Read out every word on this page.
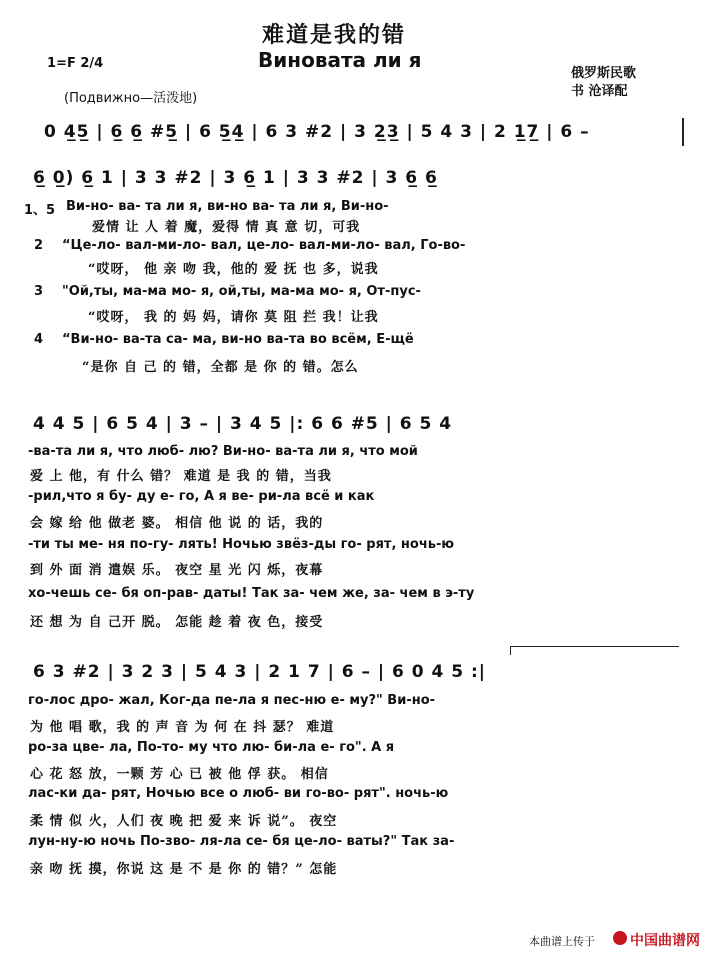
难道是我的错
Виновата ли я
1=F 2/4
(Подвижно—活泼地)
俄罗斯民歌
书 沧译配
0 4̲5̲ | 6̲ 6̲ #5̲ | 6 5̲4̲ | 6 3 #2 | 3 2̲3̲ | 5 4 3 | 2 1̲7̲ | 6 –
6̲ 0̲) 6̲ 1 | 3 3 #2 | 3 6̲ 1 | 3 3 #2 | 3 6̲ 6̲
1、5
2
3
4
Ви-но- ва- та ли я, ви-но ва- та ли я, Ви-но-
爱情 让 人 着 魔，爱得 情 真 意 切，可我
“Це-ло- вал-ми-ло- вал, це-ло- вал-ми-ло- вал, Го-во-
“哎呀， 他 亲 吻 我，他的 爱 抚 也 多，说我
"Ой,ты, ма-ма мо- я, ой,ты, ма-ма мо- я, От-пус-
“哎呀， 我 的 妈 妈，请你 莫 阻 拦 我！让我
“Ви-но- ва-та са- ма, ви-но ва-та во всём, Е-щё
“是你 自 己 的 错，全都 是 你 的 错。怎么
4 4 5 | 6 5 4 | 3 – | 3 4 5 |: 6 6 #5 | 6 5 4
-ва-та ли я, что люб- лю? Ви-но- ва-та ли я, что мой
爱 上 他，有 什么 错？ 难道 是 我 的 错，当我
-рил,что я бу- ду е- го, А я ве- ри-ла всё и как
会 嫁 给 他 做老 婆。 相信 他 说 的 话，我的
-ти ты ме- ня по-гу- лять! Ночью звёз-ды го- рят, ночь-ю
到 外 面 消 遣娱 乐。 夜空 星 光 闪 烁，夜幕
хо-чешь се- бя оп-рав- даты! Так за- чем же, за- чем в э-ту
还 想 为 自 己开 脱。 怎能 趁 着 夜 色，接受
6 3 #2 | 3 2 3 | 5 4 3 | 2 1 7 | 6 – | 6 0 4 5 :|
го-лос дро- жал, Ког-да пе-ла я пес-ню е- му?" Ви-но-
为 他 唱 歌，我 的 声 音 为 何 在 抖 瑟？ 难道
ро-за цве- ла, По-то- му что лю- би-ла е- го". А я
心 花 怒 放，一颗 芳 心 已 被 他 俘 获。 相信
лас-ки да- рят, Ночью все о люб- ви го-во- рят". ночь-ю
柔 情 似 火，人们 夜 晚 把 爱 来 诉 说”。 夜空
лун-ну-ю ночь По-зво- ля-ла се- бя це-ло- ваты?" Так за-
亲 吻 抚 摸，你说 这 是 不 是 你 的 错？” 怎能
本曲谱上传于	中国曲谱网
